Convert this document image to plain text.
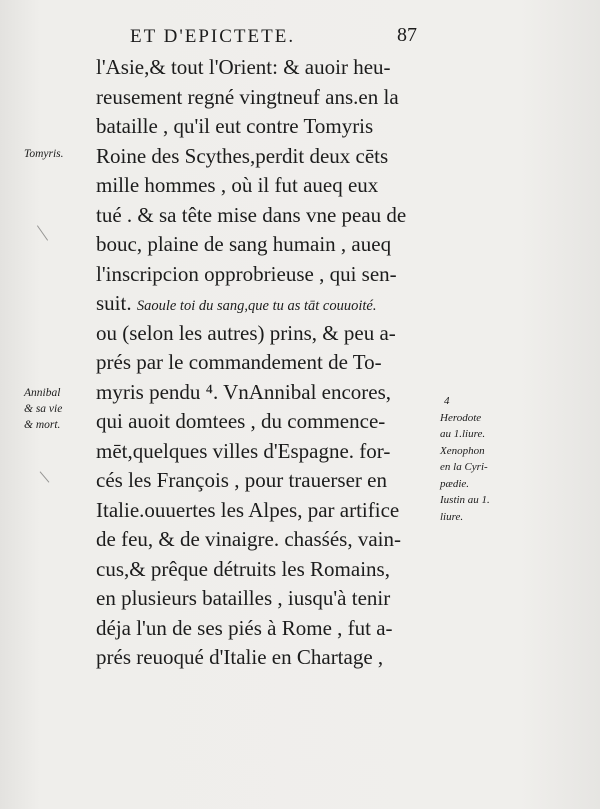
ET D'EPICTETE.	87
l'Asie,& tout l'Orient: & auoir heu-
reusement regné vingtneuf ans.en la
bataille , qu'il eut contre Tomyris
Roine des Scythes,perdit deux cēts
mille hommes , où il fut aueq eux
tué . & sa tête mise dans vne peau de
bouc, plaine de sang humain , aueq
l'inscripcion opprobrieuse , qui sen-
suit. Saoule toi du sang,que tu as tāt couuoité.
ou (selon les autres) prins, & peu a-
prés par le commandement de To-
myris pendu ⁴. VnAnnibal encores,
qui auoit domtees , du commence-
mēt,quelques villes d'Espagne. for-
cés les François , pour trauerser en
Italie.ouuertes les Alpes, par artifice
de feu, & de vinaigre. chasśés, vain-
cus,& prêque détruits les Romains,
en plusieurs batailles , iusqu'à tenir
déja l'un de ses piés à Rome , fut a-
prés reuoqué d'Italie en Chartage ,
Tomyris.
Annibal
& sa vie
& mort.
4
Herodote
au 1.liure.
Xenophon
en la Cyri-
pædie.
Iustin au 1.
liure.
